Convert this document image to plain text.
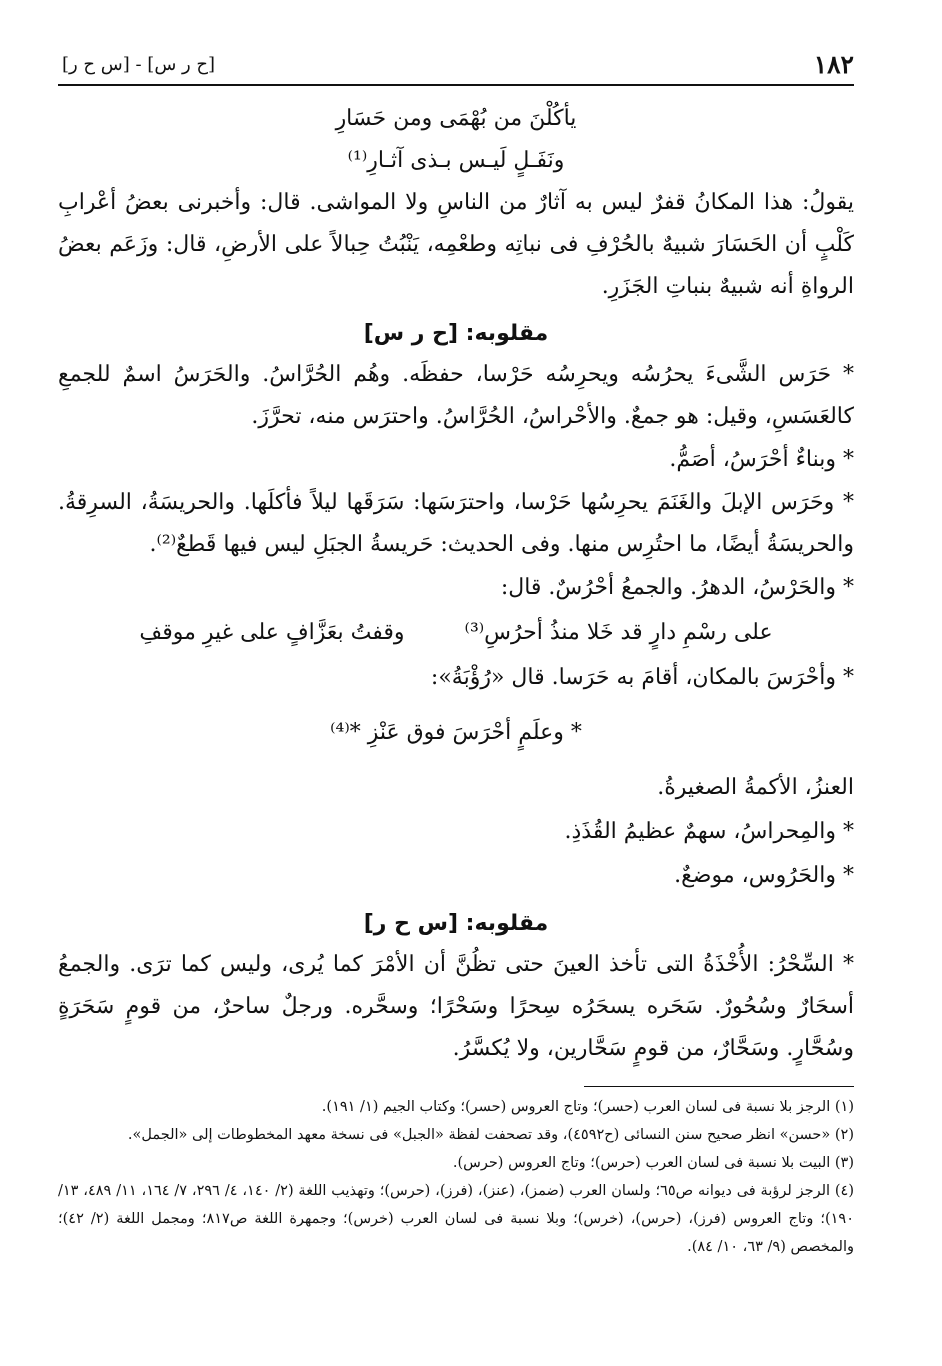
١٨٢
[ح ر س] - [س ح ر]
يأكُلْنَ من بُهْمَى ومن حَسَارِ
ونَفَـلٍ لَيـس بـذى آثـارِ⁽¹⁾

يقولُ: هذا المكانُ قفرٌ ليس به آثارٌ من الناسِ ولا المواشى. قال: وأخبرنى بعضُ أعْرابِ كَلْبٍ أن الحَسَارَ شبيهٌ بالحُرْفِ فى نباتِه وطعْمِه، يَنْبُتُ حِبالاً على الأرضِ، قال: وزَعَم بعضُ الرواةِ أنه شبيهٌ بنباتِ الجَزَرِ.

مقلوبه: [ح ر س]

* حَرَس الشَّىءَ يحرُسُه ويحرِسُه حَرْسا، حفظَه. وهُم الحُرَّاسُ. والحَرَسُ اسمٌ للجمعِ كالعَسَسِ، وقيل: هو جمعٌ. والأحْراسُ، الحُرَّاسُ. واحترَس منه، تحرَّزَ.

* وبناءٌ أحْرَسُ، أصَمُّ.

* وحَرَس الإبلَ والغَنَمَ يحرِسُها حَرْسا، واحترَسَها: سَرَقَها ليلاً فأكلَها. والحريسَةُ، السرِقةُ. والحريسَةُ أيضًا، ما احتُرِس منها. وفى الحديث: حَريسةُ الجبَلِ ليس فيها قَطعٌ⁽²⁾.

* والحَرْسُ، الدهرُ. والجمعُ أحْرُسٌ. قال:
على رسْمِ دارٍ قد خَلا منذُ أحرُسِ⁽³⁾
وقفتُ بعَزَّافٍ على غيرِ موقفِ
* وأحْرَسَ بالمكان، أقامَ به حَرَسا. قال «رُؤْبَةُ»:
* وعلَمٍ أحْرَسَ فوق عَنْزِ *⁽⁴⁾
العنزُ، الأكمةُ الصغيرةُ.
* والمِحراسُ، سهمٌ عظيمُ القُذَذِ.
* والحَرُوس، موضعٌ.
مقلوبه: [س ح ر]

* السِّحْرُ: الأُخْذَةُ التى تأخذ العينَ حتى تظُنَّ أن الأمْرَ كما يُرى، وليس كما ترَى. والجمعُ أسحَارٌ وسُحُورٌ. سَحَره يسحَرُه سِحرًا وسَحْرًا؛ وسحَّره. ورجلٌ ساحرٌ، من قومٍ سَحَرَةٍ وسُحَّارٍ. وسَحَّارٌ، من قومٍ سَحَّارين، ولا يُكسَّرُ.

(١) الرجز بلا نسبة فى لسان العرب (حسر)؛ وتاج العروس (حسر)؛ وكتاب الجيم (١/ ١٩١).

(٢) «حسن» انظر صحيح سنن النسائى (ح٤٥٩٢)، وقد تصحفت لفظة «الجبل» فى نسخة معهد المخطوطات إلى «الجمل».

(٣) البيت بلا نسبة فى لسان العرب (حرس)؛ وتاج العروس (حرس).

(٤) الرجز لرؤبة فى ديوانه ص٦٥؛ ولسان العرب (ضمز)، (عنز)، (فرز)، (حرس)؛ وتهذيب اللغة (٢/ ١٤٠، ٤/ ٢٩٦، ٧/ ١٦٤، ١١/ ٤٨٩، ١٣/ ١٩٠)؛ وتاج العروس (فرز)، (حرس)، (خرس)؛ وبلا نسبة فى لسان العرب (خرس)؛ وجمهرة اللغة ص٨١٧؛ ومجمل اللغة (٢/ ٤٢)؛ والمخصص (٩/ ٦٣، ١٠/ ٨٤).
